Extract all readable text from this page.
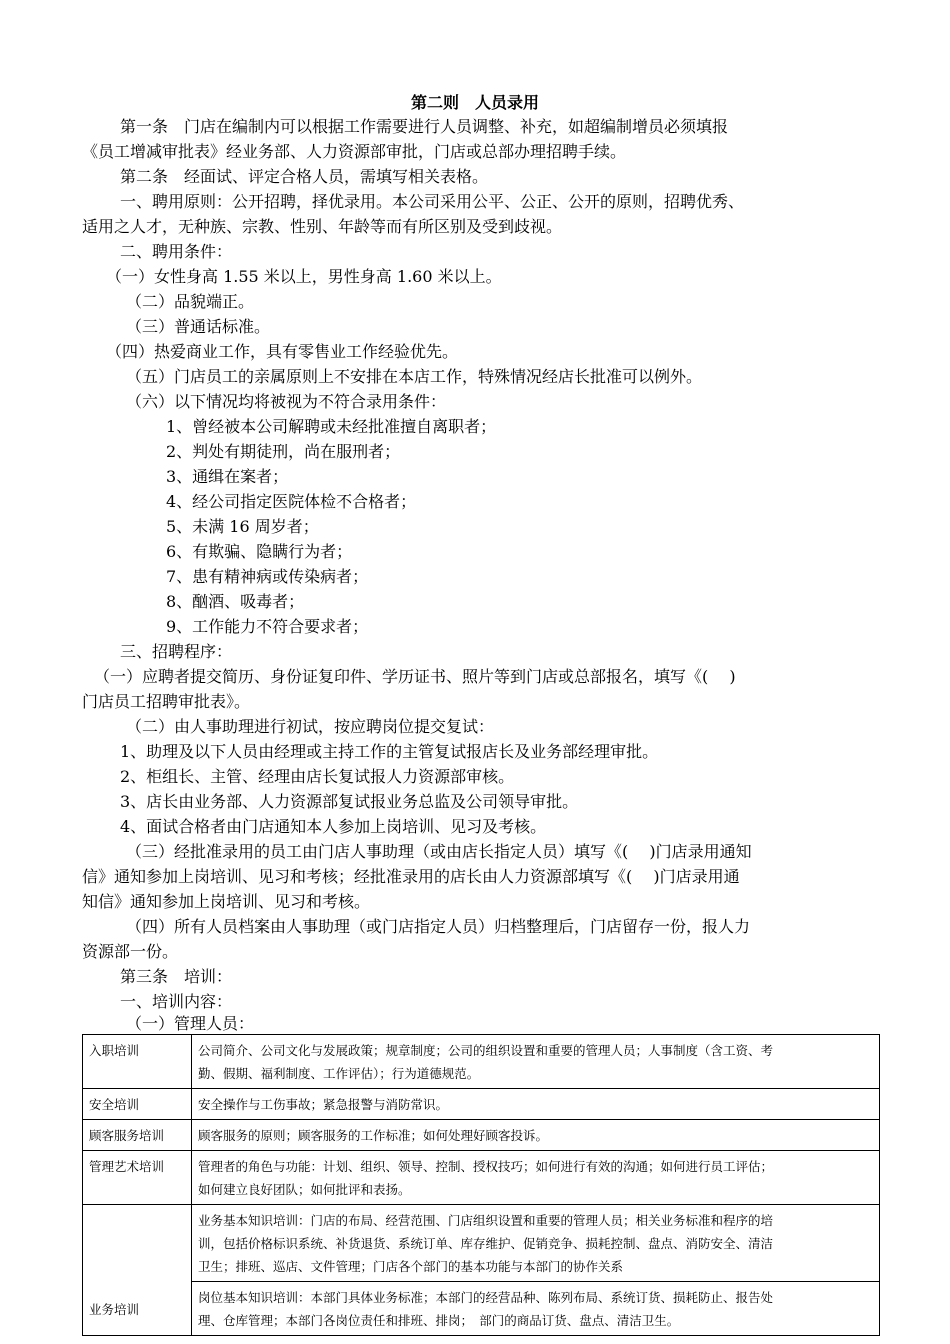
第二则　人员录用
第一条　门店在编制内可以根据工作需要进行人员调整、补充，如超编制增员必须填报
《员工增减审批表》经业务部、人力资源部审批，门店或总部办理招聘手续。
第二条　经面试、评定合格人员，需填写相关表格。
一、聘用原则：公开招聘，择优录用。本公司采用公平、公正、公开的原则，招聘优秀、
适用之人才，无种族、宗教、性别、年龄等而有所区别及受到歧视。
二、聘用条件：
（一）女性身高 1.55 米以上，男性身高 1.60 米以上。
（二）品貌端正。
（三）普通话标准。
（四）热爱商业工作，具有零售业工作经验优先。
（五）门店员工的亲属原则上不安排在本店工作，特殊情况经店长批准可以例外。
（六）以下情况均将被视为不符合录用条件：
1、曾经被本公司解聘或未经批准擅自离职者；
2、判处有期徒刑，尚在服刑者；
3、通缉在案者；
4、经公司指定医院体检不合格者；
5、未满 16 周岁者；
6、有欺骗、隐瞒行为者；
7、患有精神病或传染病者；
8、酗酒、吸毒者；
9、工作能力不符合要求者；
三、招聘程序：
（一）应聘者提交简历、身份证复印件、学历证书、照片等到门店或总部报名，填写《(　 )
门店员工招聘审批表》。
（二）由人事助理进行初试，按应聘岗位提交复试：
1、助理及以下人员由经理或主持工作的主管复试报店长及业务部经理审批。
2、柜组长、主管、经理由店长复试报人力资源部审核。
3、店长由业务部、人力资源部复试报业务总监及公司领导审批。
4、面试合格者由门店通知本人参加上岗培训、见习及考核。
（三）经批准录用的员工由门店人事助理（或由店长指定人员）填写《(　 )门店录用通知
信》通知参加上岗培训、见习和考核；经批准录用的店长由人力资源部填写《(　 )门店录用通
知信》通知参加上岗培训、见习和考核。
（四）所有人员档案由人事助理（或门店指定人员）归档整理后，门店留存一份，报人力
资源部一份。
第三条　培训：
一、培训内容：
（一）管理人员：
入职培训	公司简介、公司文化与发展政策；规章制度；公司的组织设置和重要的管理人员；人事制度（含工资、考
勤、假期、福利制度、工作评估）；行为道德规范。

安全培训	安全操作与工伤事故；紧急报警与消防常识。

顾客服务培训	顾客服务的原则；顾客服务的工作标准；如何处理好顾客投诉。

管理艺术培训	管理者的角色与功能：计划、组织、领导、控制、授权技巧；如何进行有效的沟通；如何进行员工评估；
如何建立良好团队；如何批评和表扬。

业务培训	业务基本知识培训：门店的布局、经营范围、门店组织设置和重要的管理人员；相关业务标准和程序的培
训，包括价格标识系统、补货退货、系统订单、库存维护、促销竞争、损耗控制、盘点、消防安全、清洁
卫生；排班、巡店、文件管理；门店各个部门的基本功能与本部门的协作关系

	岗位基本知识培训：本部门具体业务标准；本部门的经营品种、陈列布局、系统订货、损耗防止、报告处
理、仓库管理；本部门各岗位责任和排班、排岗；　部门的商品订货、盘点、清洁卫生。
